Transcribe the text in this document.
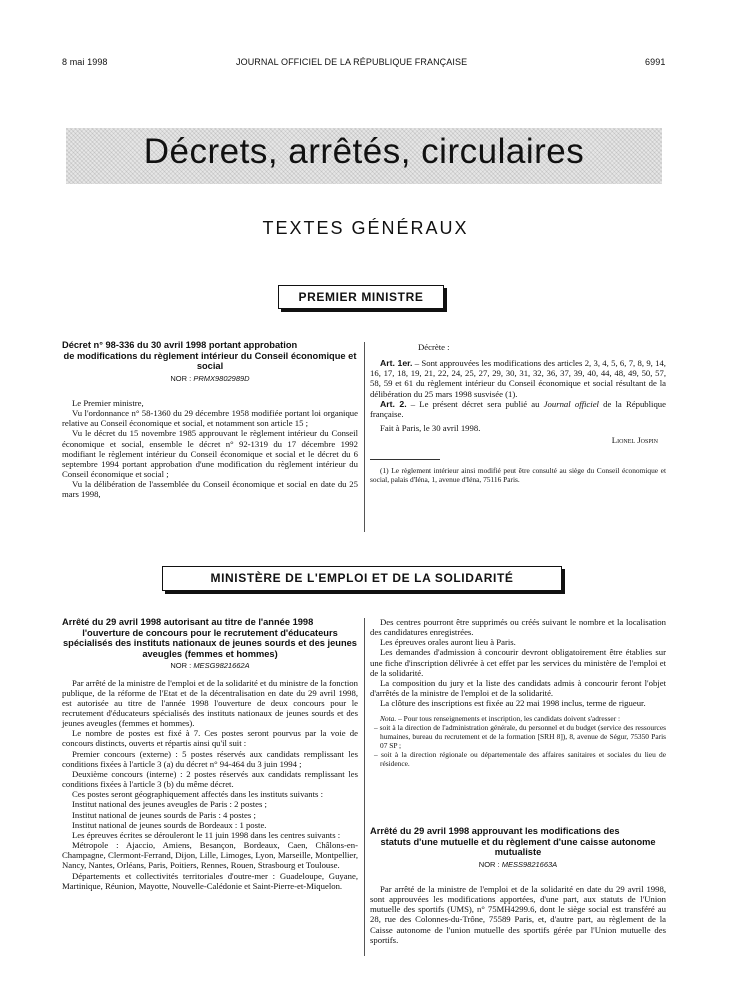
8 mai 1998	JOURNAL OFFICIEL DE LA RÉPUBLIQUE FRANÇAISE	6991
Décrets, arrêtés, circulaires
TEXTES GÉNÉRAUX
PREMIER MINISTRE
Décret n° 98-336 du 30 avril 1998 portant approbation
de modifications du règlement intérieur du Conseil économique et social
NOR : PRMX9802989D

Le Premier ministre,

Vu l'ordonnance n° 58-1360 du 29 décembre 1958 modifiée portant loi organique relative au Conseil économique et social, et notamment son article 15 ;

Vu le décret du 15 novembre 1985 approuvant le règlement intérieur du Conseil économique et social, ensemble le décret n° 92-1319 du 17 décembre 1992 modifiant le règlement intérieur du Conseil économique et social et le décret du 6 septembre 1994 portant approbation d'une modification du règlement intérieur du Conseil économique et social ;

Vu la délibération de l'assemblée du Conseil économique et social en date du 25 mars 1998,

Décrète :

Art. 1er. – Sont approuvées les modifications des articles 2, 3, 4, 5, 6, 7, 8, 9, 14, 16, 17, 18, 19, 21, 22, 24, 25, 27, 29, 30, 31, 32, 36, 37, 39, 40, 44, 48, 49, 50, 57, 58, 59 et 61 du règlement intérieur du Conseil économique et social résultant de la délibération du 25 mars 1998 susvisée (1).

Art. 2. – Le présent décret sera publié au Journal officiel de la République française.

Fait à Paris, le 30 avril 1998.

Lionel Jospin

(1) Le règlement intérieur ainsi modifié peut être consulté au siège du Conseil économique et social, palais d'Iéna, 1, avenue d'Iéna, 75116 Paris.

MINISTÈRE DE L'EMPLOI ET DE LA SOLIDARITÉ
Arrêté du 29 avril 1998 autorisant au titre de l'année 1998
l'ouverture de concours pour le recrutement d'éducateurs spécialisés des instituts nationaux de jeunes sourds et des jeunes aveugles (femmes et hommes)
NOR : MESG9821662A

Par arrêté de la ministre de l'emploi et de la solidarité et du ministre de la fonction publique, de la réforme de l'Etat et de la décentralisation en date du 29 avril 1998, est autorisée au titre de l'année 1998 l'ouverture de deux concours pour le recrutement d'éducateurs spécialisés des instituts nationaux de jeunes sourds et des jeunes aveugles (femmes et hommes).

Le nombre de postes est fixé à 7. Ces postes seront pourvus par la voie de concours distincts, ouverts et répartis ainsi qu'il suit :

Premier concours (externe) : 5 postes réservés aux candidats remplissant les conditions fixées à l'article 3 (a) du décret n° 94-464 du 3 juin 1994 ;

Deuxième concours (interne) : 2 postes réservés aux candidats remplissant les conditions fixées à l'article 3 (b) du même décret.

Ces postes seront géographiquement affectés dans les instituts suivants :

Institut national des jeunes aveugles de Paris : 2 postes ;

Institut national de jeunes sourds de Paris : 4 postes ;

Institut national de jeunes sourds de Bordeaux : 1 poste.

Les épreuves écrites se dérouleront le 11 juin 1998 dans les centres suivants :

Métropole : Ajaccio, Amiens, Besançon, Bordeaux, Caen, Châlons-en-Champagne, Clermont-Ferrand, Dijon, Lille, Limoges, Lyon, Marseille, Montpellier, Nancy, Nantes, Orléans, Paris, Poitiers, Rennes, Rouen, Strasbourg et Toulouse.

Départements et collectivités territoriales d'outre-mer : Guadeloupe, Guyane, Martinique, Réunion, Mayotte, Nouvelle-Calédonie et Saint-Pierre-et-Miquelon.

Des centres pourront être supprimés ou créés suivant le nombre et la localisation des candidatures enregistrées.

Les épreuves orales auront lieu à Paris.

Les demandes d'admission à concourir devront obligatoirement être établies sur une fiche d'inscription délivrée à cet effet par les services du ministère de l'emploi et de la solidarité.

La composition du jury et la liste des candidats admis à concourir feront l'objet d'arrêtés de la ministre de l'emploi et de la solidarité.

La clôture des inscriptions est fixée au 22 mai 1998 inclus, terme de rigueur.

Nota. – Pour tous renseignements et inscription, les candidats doivent s'adresser :

– soit à la direction de l'administration générale, du personnel et du budget (service des ressources humaines, bureau du recrutement et de la formation [SRH 8]), 8, avenue de Ségur, 75350 Paris 07 SP ;

– soit à la direction régionale ou départementale des affaires sanitaires et sociales du lieu de résidence.

Arrêté du 29 avril 1998 approuvant les modifications des
statuts d'une mutuelle et du règlement d'une caisse autonome mutualiste
NOR : MESS9821663A

Par arrêté de la ministre de l'emploi et de la solidarité en date du 29 avril 1998, sont approuvées les modifications apportées, d'une part, aux statuts de l'Union mutuelle des sportifs (UMS), n° 75MH4299.6, dont le siège social est transféré au 28, rue des Colonnes-du-Trône, 75589 Paris, et, d'autre part, au règlement de la Caisse autonome de l'union mutuelle des sportifs gérée par l'Union mutuelle des sportifs.
